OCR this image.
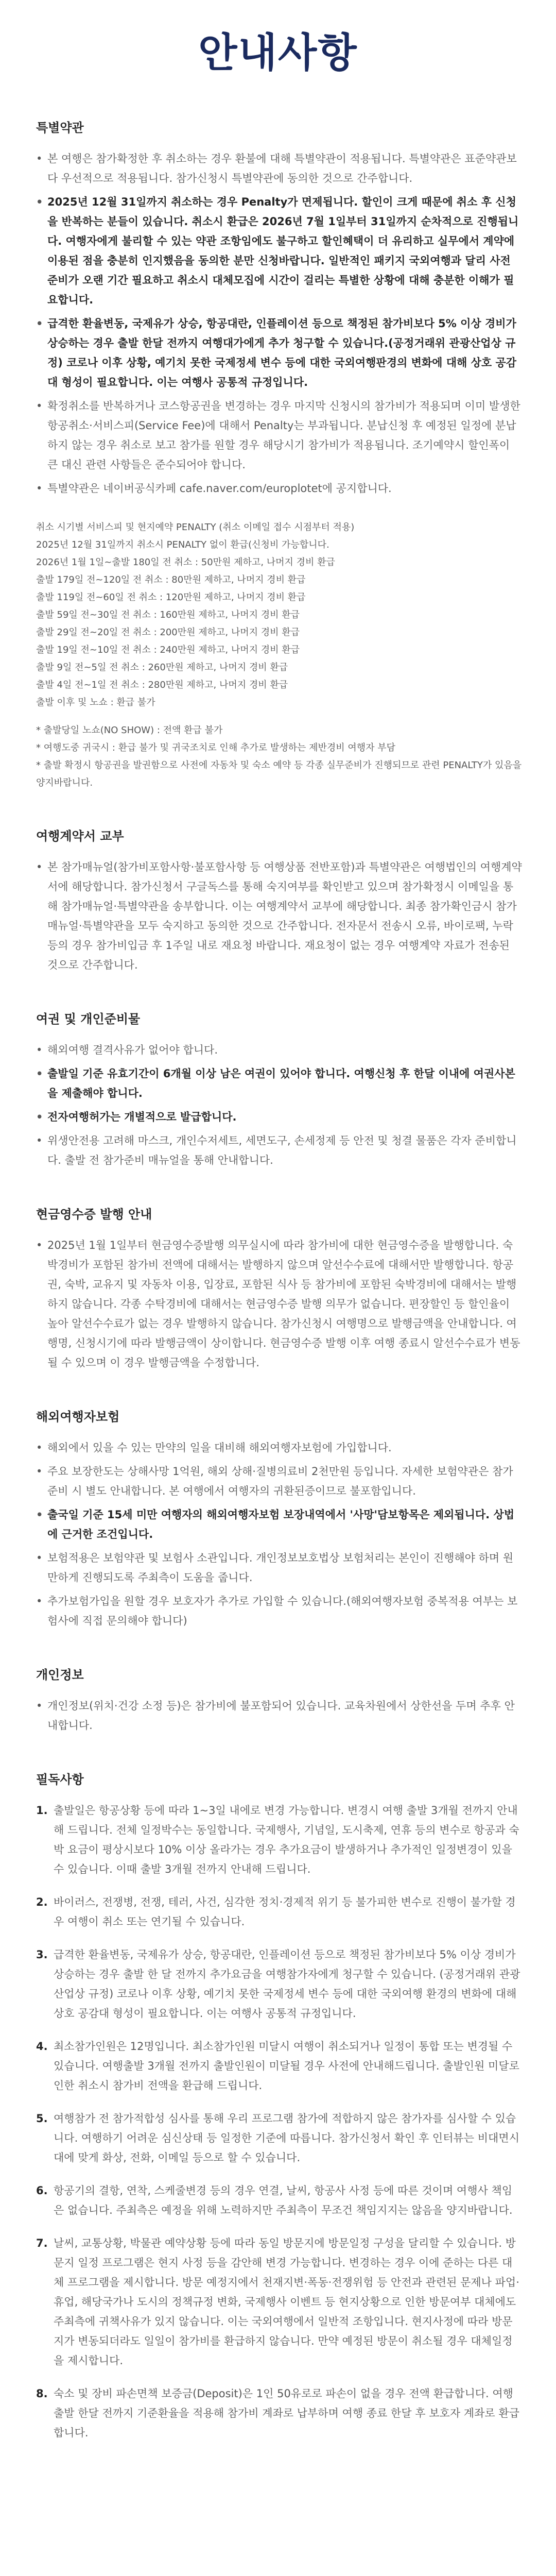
안내사항
특별약관
• 본 여행은 참가확정한 후 취소하는 경우 환불에 대해 특별약관이 적용됩니다. 특별약관은 표준약관보다 우선적으로 적용됩니다. 참가신청시 특별약관에 동의한 것으로 간주합니다.
• 2025년 12월 31일까지 취소하는 경우 Penalty가 면제됩니다. 할인이 크게 때문에 취소 후 신청을 반복하는 분들이 있습니다. 취소시 환급은 2026년 7월 1일부터 31일까지 순차적으로 진행됩니다. 여행자에게 불리할 수 있는 약관 조항임에도 불구하고 할인혜택이 더 유리하고 실무에서 계약에 이용된 점을 충분히 인지했음을 동의한 분만 신청바랍니다. 일반적인 패키지 국외여행과 달리 사전 준비가 오랜 기간 필요하고 취소시 대체모집에 시간이 걸리는 특별한 상황에 대해 충분한 이해가 필요합니다.
• 급격한 환율변동, 국제유가 상승, 항공대란, 인플레이션 등으로 책정된 참가비보다 5% 이상 경비가 상승하는 경우 출발 한달 전까지 여행대가에게 추가 청구할 수 있습니다.(공정거래위 관광산업상 규정) 코로나 이후 상황, 예기치 못한 국제정세 변수 등에 대한 국외여행판경의 변화에 대해 상호 공감대 형성이 필요합니다. 이는 여행사 공통적 규정입니다.
• 확정취소를 반복하거나 코스항공권을 변경하는 경우 마지막 신청시의 참가비가 적용되며 이미 발생한 항공취소·서비스피(Service Fee)에 대해서 Penalty는 부과됩니다. 분납신청 후 예정된 일정에 분납하지 않는 경우 취소로 보고 참가를 원할 경우 해당시기 참가비가 적용됩니다. 조기예약시 할인폭이 큰 대신 관련 사항들은 준수되어야 합니다.
• 특별약관은 네이버공식카페 cafe.naver.com/europlotet에 공지합니다.
취소 시기별 서비스피 및 현지예약 PENALTY (취소 이메일 접수 시점부터 적용)
2025년 12월 31일까지 취소시 PENALTY 없이 환급(신청비 가능합니다.
2026년 1월 1일~출발 180일 전 취소 : 50만원 제하고, 나머지 경비 환급
출발 179일 전~120일 전 취소 : 80만원 제하고, 나머지 경비 환급
출발 119일 전~60일 전 취소 : 120만원 제하고, 나머지 경비 환급
출발 59일 전~30일 전 취소 : 160만원 제하고, 나머지 경비 환급
출발 29일 전~20일 전 취소 : 200만원 제하고, 나머지 경비 환급
출발 19일 전~10일 전 취소 : 240만원 제하고, 나머지 경비 환급
출발 9일 전~5일 전 취소 : 260만원 제하고, 나머지 경비 환급
출발 4일 전~1일 전 취소 : 280만원 제하고, 나머지 경비 환급
출발 이후 및 노쇼 : 환급 불가
* 출발당일 노쇼(NO SHOW) : 전액 환급 불가
* 여행도중 귀국시 : 환급 불가 및 귀국조치로 인해 추가로 발생하는 제반경비 여행자 부담
* 출발 확정시 항공권을 발권함으로 사전에 자동차 및 숙소 예약 등 각종 실무준비가 진행되므로 관련 PENALTY가 있음을 양지바랍니다.
여행계약서 교부
• 본 참가매뉴얼(참가비포함사항·불포함사항 등 여행상품 전반포함)과 특별약관은 여행법인의 여행계약서에 해당합니다. 참가신청서 구글독스를 통해 숙지여부를 확인받고 있으며 참가확정시 이메일을 통해 참가매뉴얼·특별약관을 송부합니다. 이는 여행계약서 교부에 해당합니다. 최종 참가확인금시 참가매뉴얼·특별약관을 모두 숙지하고 동의한 것으로 간주합니다. 전자문서 전송시 오류, 바이로팩, 누락 등의 경우 참가비입금 후 1주일 내로 재요청 바랍니다. 재요청이 없는 경우 여행계약 자료가 전송된 것으로 간주합니다.
여권 및 개인준비물
• 해외여행 결격사유가 없어야 합니다.
• 출발일 기준 유효기간이 6개월 이상 남은 여권이 있어야 합니다. 여행신청 후 한달 이내에 여권사본을 제출해야 합니다.
• 전자여행허가는 개별적으로 발급합니다.
• 위생안전용 고려해 마스크, 개인수저세트, 세면도구, 손세정제 등 안전 및 청결 물품은 각자 준비합니다. 출발 전 참가준비 매뉴얼을 통해 안내합니다.
현금영수증 발행 안내
• 2025년 1월 1일부터 현금영수증발행 의무실시에 따라 참가비에 대한 현금영수증을 발행합니다. 숙박경비가 포함된 참가비 전액에 대해서는 발행하지 않으며 알선수수료에 대해서만 발행합니다. 항공권, 숙박, 교유지 및 자동차 이용, 입장료, 포함된 식사 등 참가비에 포함된 숙박경비에 대해서는 발행하지 않습니다. 각종 수탁경비에 대해서는 현금영수증 발행 의무가 없습니다. 편장할인 등 할인율이 높아 알선수수료가 없는 경우 발행하지 않습니다. 참가신청시 여행명으로 발행금액을 안내합니다. 여행명, 신청시기에 따라 발행금액이 상이합니다. 현금영수증 발행 이후 여행 종료시 알선수수료가 변동될 수 있으며 이 경우 발행금액을 수정합니다.
해외여행자보험
• 해외에서 있을 수 있는 만약의 일을 대비해 해외여행자보험에 가입합니다.
• 주요 보장한도는 상해사망 1억원, 해외 상해·질병의료비 2천만원 등입니다. 자세한 보험약관은 참가준비 시 별도 안내합니다. 본 여행에서 여행자의 귀환된증이므로 불포함입니다.
• 출국일 기준 15세 미만 여행자의 해외여행자보험 보장내역에서 '사망'담보항목은 제외됩니다. 상법에 근거한 조건입니다.
• 보험적용은 보험약관 및 보험사 소관입니다. 개인정보보호법상 보험처리는 본인이 진행해야 하며 원만하게 진행되도록 주최측이 도움을 줍니다.
• 추가보험가입을 원할 경우 보호자가 추가로 가입할 수 있습니다.(해외여행자보험 중복적용 여부는 보험사에 직접 문의해야 합니다)
개인정보
• 개인정보(위치·건강 소정 등)은 참가비에 불포함되어 있습니다. 교육차원에서 상한선을 두며 추후 안내합니다.
필독사항
1. 출발일은 항공상황 등에 따라 1~3일 내에로 변경 가능합니다. 변경시 여행 출발 3개월 전까지 안내해 드립니다. 전체 일정박수는 동일합니다. 국제행사, 기념일, 도시축제, 연휴 등의 변수로 항공과 숙박 요금이 평상시보다 10% 이상 올라가는 경우 추가요금이 발생하거나 추가적인 일정변경이 있을 수 있습니다. 이때 출발 3개월 전까지 안내해 드립니다.
2. 바이러스, 전쟁병, 전쟁, 테러, 사건, 심각한 정치·경제적 위기 등 불가피한 변수로 진행이 불가할 경우 여행이 취소 또는 연기될 수 있습니다.
3. 급격한 환율변동, 국제유가 상승, 항공대란, 인플레이션 등으로 책정된 참가비보다 5% 이상 경비가 상승하는 경우 출발 한 달 전까지 추가요금을 여행참가자에게 청구할 수 있습니다. (공정거래위 관광산업상 규정) 코로나 이후 상황, 예기치 못한 국제정세 변수 등에 대한 국외여행 환경의 변화에 대해 상호 공감대 형성이 필요합니다. 이는 여행사 공통적 규정입니다.
4. 최소참가인원은 12명입니다. 최소참가인원 미달시 여행이 취소되거나 일정이 통합 또는 변경될 수 있습니다. 여행출발 3개월 전까지 출발인원이 미달될 경우 사전에 안내해드립니다. 출발인원 미달로 인한 취소시 참가비 전액을 환급해 드립니다.
5. 여행참가 전 참가적합성 심사를 통해 우리 프로그램 참가에 적합하지 않은 참가자를 심사할 수 있습니다. 여행하기 어려운 심신상태 등 일정한 기준에 따릅니다. 참가신청서 확인 후 인터뷰는 비대면시대에 맞게 화상, 전화, 이메일 등으로 할 수 있습니다.
6. 항공기의 결항, 연착, 스케줄변경 등의 경우 연결, 날씨, 항공사 사정 등에 따른 것이며 여행사 책임은 없습니다. 주최측은 예정을 위해 노력하지만 주최측이 무조건 책임지지는 않음을 양지바랍니다.
7. 날씨, 교통상황, 박물관 예약상황 등에 따라 동일 방문지에 방문일정 구성을 달리할 수 있습니다. 방문지 일정 프로그램은 현지 사정 등을 감안해 변경 가능합니다. 변경하는 경우 이에 준하는 다른 대체 프로그램을 제시합니다. 방문 예정지에서 천재지변·폭동·전쟁위험 등 안전과 관련된 문제나 파업·휴업, 해당국가나 도시의 정책규정 변화, 국제행사 이벤트 등 현지상황으로 인한 방문여부 대체에도 주최측에 귀책사유가 있지 않습니다. 이는 국외여행에서 일반적 조항입니다. 현지사정에 따라 방문지가 변동되더라도 일일이 참가비를 환급하지 않습니다. 만약 예정된 방문이 취소될 경우 대체일정을 제시합니다.
8. 숙소 및 장비 파손면책 보증금(Deposit)은 1인 50유로로 파손이 없을 경우 전액 환급합니다. 여행 출발 한달 전까지 기준환율을 적용해 참가비 계좌로 납부하며 여행 종료 한달 후 보호자 계좌로 환급합니다.
